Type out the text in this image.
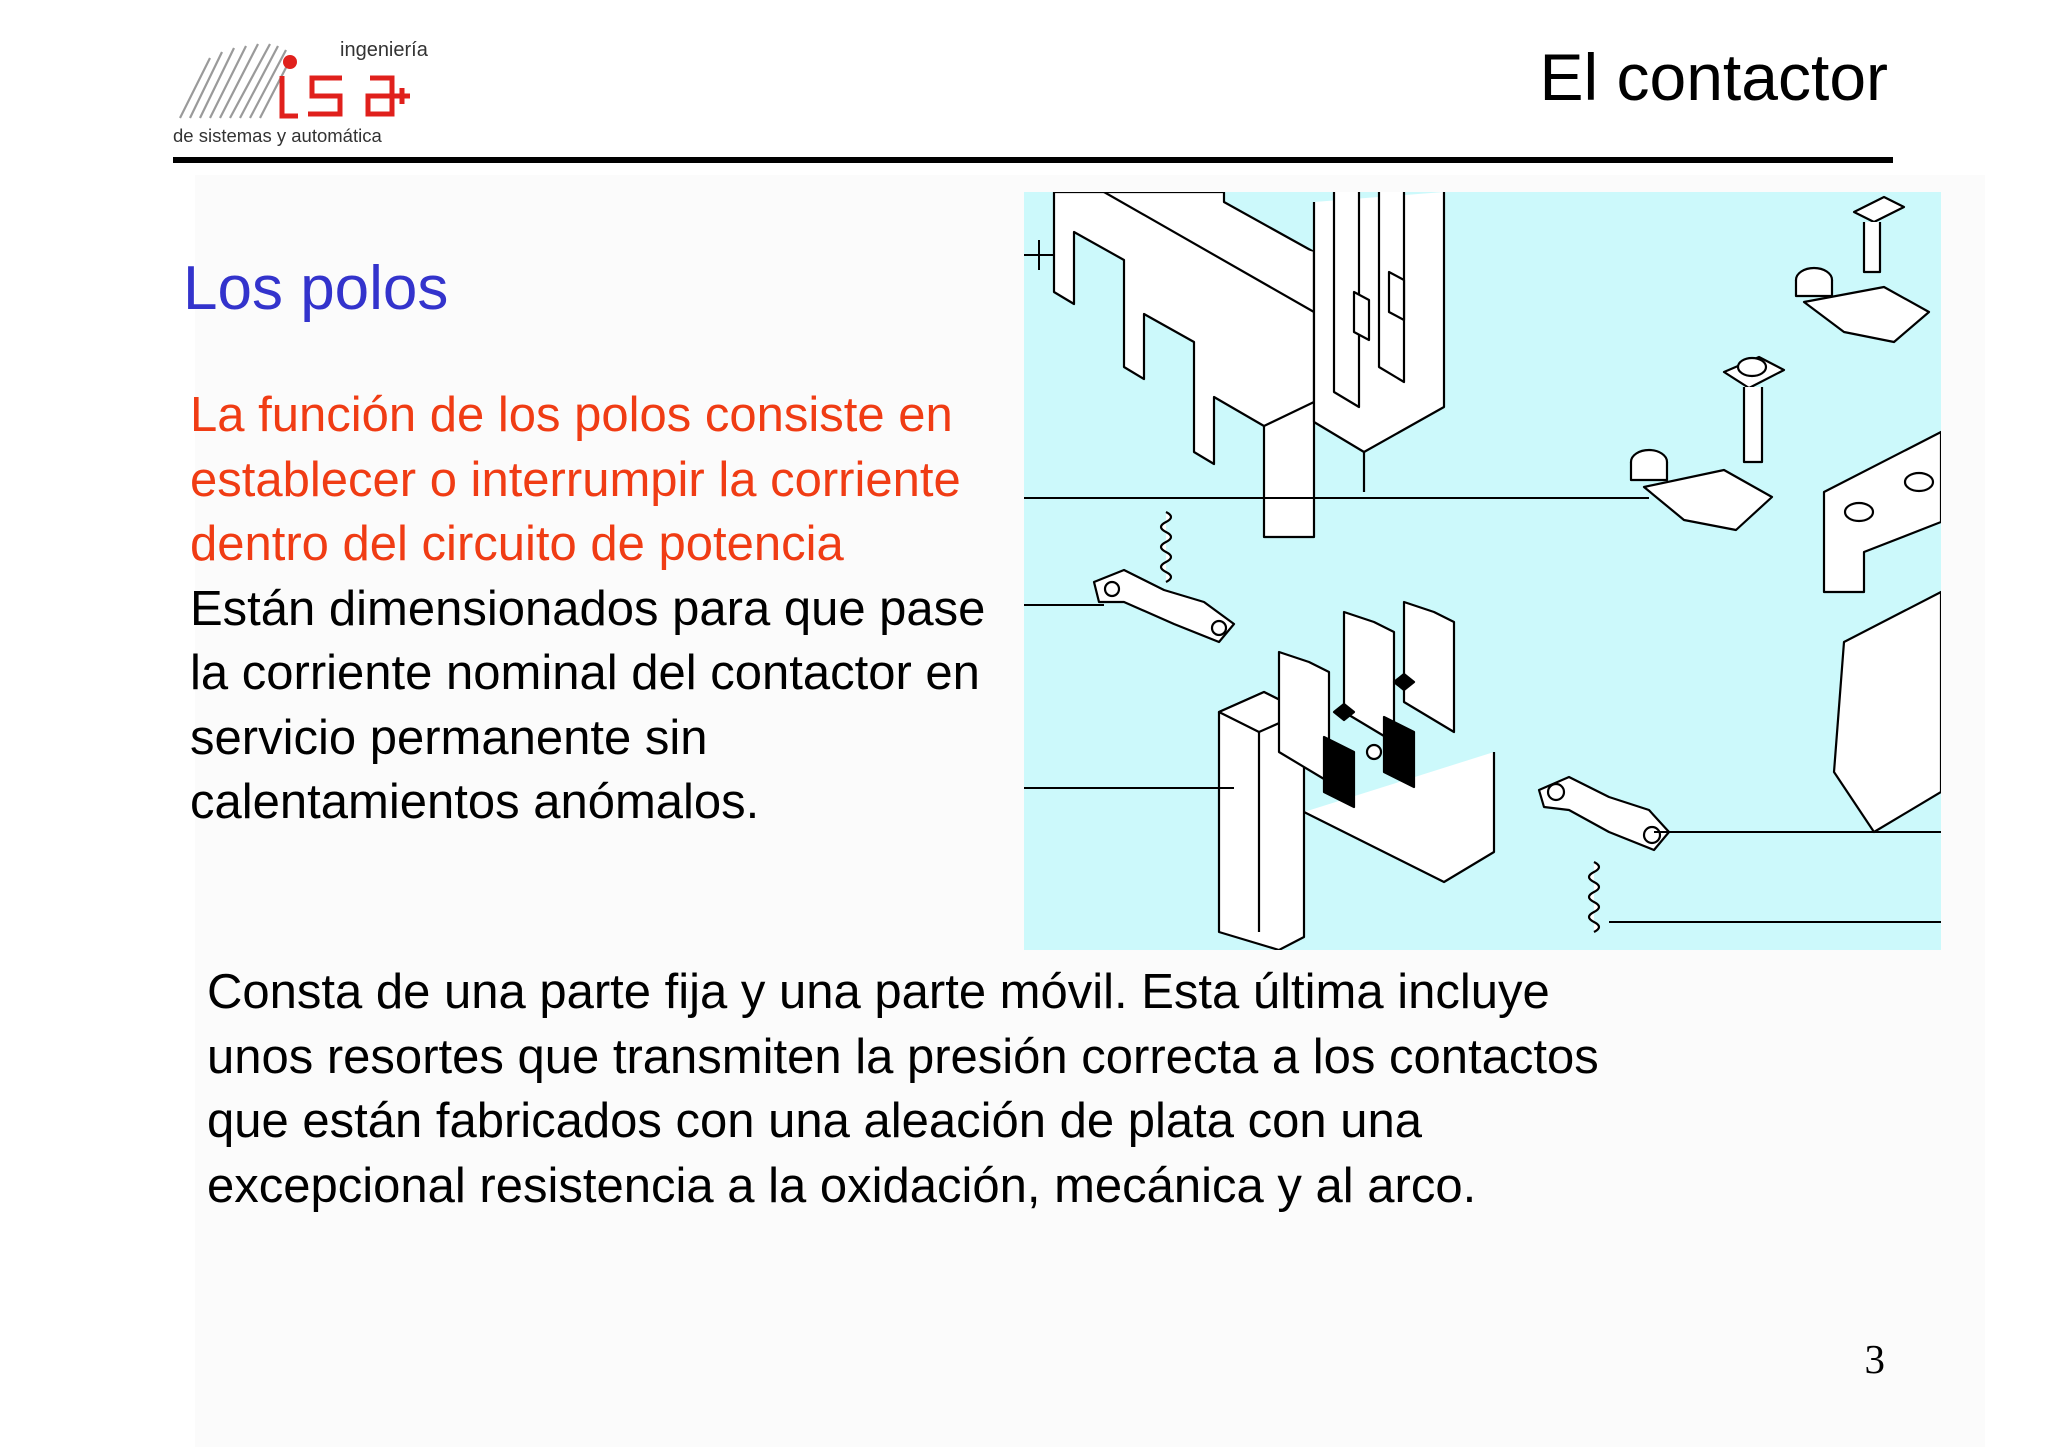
ingeniería
de sistemas y automática
El contactor
Los polos
La función de los polos consiste en establecer o interrumpir la corriente dentro del circuito de potencia  Están dimensionados para que pase la corriente nominal del contactor en servicio permanente sin calentamientos anómalos.
Consta de una parte fija y una parte móvil. Esta última incluye unos resortes que transmiten la presión correcta a los contactos que están fabricados con una aleación de plata con una excepcional resistencia a la oxidación, mecánica y al arco.
3
